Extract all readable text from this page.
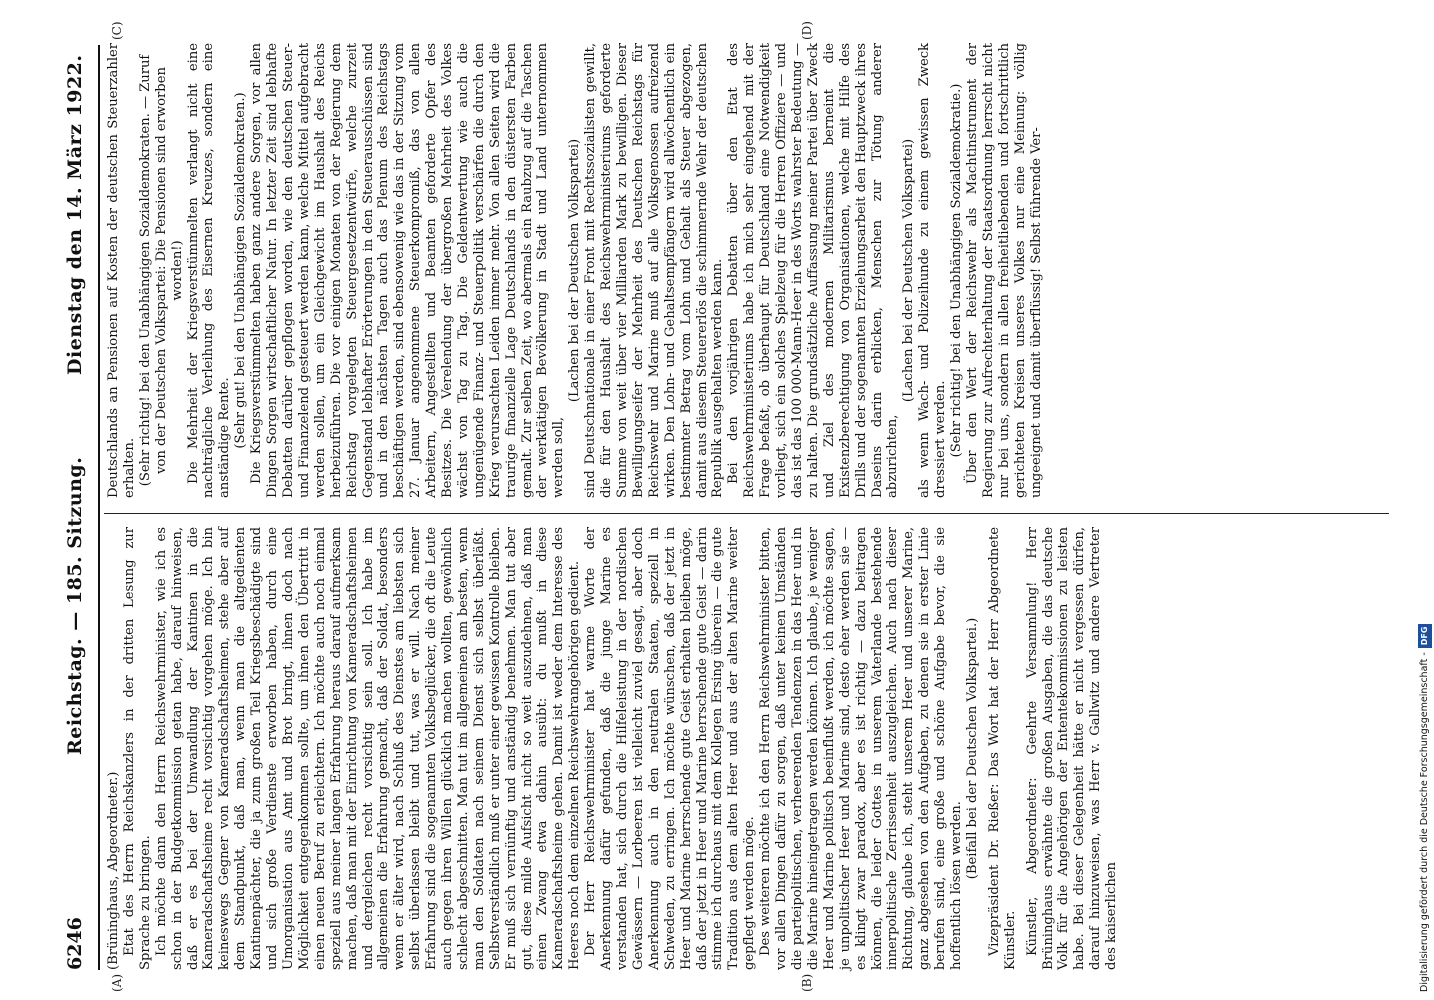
6246
Reichstag. — 185. Sitzung.
Dienstag den 14. März 1922.
(A)	(B)
(C)	(D)

(Brüninghaus, Abgeordneter.) Etat des Herrn Reichskanzlers in der dritten Lesung zur Sprache zu bringen. Ich möchte dann den Herrn Reichswehrminister, wie ich es schon in der Budgetkommission getan habe, darauf hinweisen, daß er es bei der Umwandlung der Kantinen in die Kameradschaftsheime recht vorsichtig vorgehen möge. Ich bin keineswegs Gegner von Kameradschaftsheimen, stehe aber auf dem Standpunkt, daß man, wenn man die altgedienten Kantinenpächter, die ja zum großen Teil Kriegsbeschädigte sind und sich große Verdienste erworben haben, durch eine Umorganisation aus Amt und Brot bringt, ihnen doch nach Möglichkeit entgegenkommen sollte, um ihnen den Übertritt in einen neuen Beruf zu erleichtern. Ich möchte auch noch einmal speziell aus meiner langen Erfahrung heraus darauf aufmerksam machen, daß man mit der Einrichtung von Kameradschaftsheimen und dergleichen recht vorsichtig sein soll. Ich habe im allgemeinen die Erfahrung gemacht, daß der Soldat, besonders wenn er älter wird, nach Schluß des Dienstes am liebsten sich selbst überlassen bleibt und tut, was er will. Nach meiner Erfahrung sind die sogenannten Volksbeglücker, die oft die Leute auch gegen ihren Willen glücklich machen wollten, gewöhnlich schlecht abgeschnitten. Man tut im allgemeinen am besten, wenn man den Soldaten nach seinem Dienst sich selbst überläßt. Selbstverständlich muß er unter einer gewissen Kontrolle bleiben. Er muß sich vernünftig und anständig benehmen. Man tut aber gut, diese milde Aufsicht nicht so weit auszudehnen, daß man einen Zwang etwa dahin ausübt: du mußt in diese Kameradschaftsheime gehen. Damit ist weder dem Interesse des Heeres noch dem einzelnen Reichswehrangehörigen gedient. Der Herr Reichswehrminister hat warme Worte der Anerkennung dafür gefunden, daß die junge Marine es verstanden hat, sich durch die Hilfeleistung in der nordischen Gewässern — Lorbeeren ist vielleicht zuviel gesagt, aber doch Anerkennung auch in den neutralen Staaten, speziell in Schweden, zu erringen. Ich möchte wünschen, daß der jetzt in Heer und Marine herrschende gute Geist erhalten bleiben möge, daß der jetzt in Heer und Marine herrschende gute Geist — darin stimme ich durchaus mit dem Kollegen Ersing überein — die gute Tradition aus dem alten Heer und aus der alten Marine weiter gepflegt werden möge. Des weiteren möchte ich den Herrn Reichswehrminister bitten, vor allen Dingen dafür zu sorgen, daß unter keinen Umständen die parteipolitischen, verheerenden Tendenzen in das Heer und in die Marine hineingetragen werden können. Ich glaube, je weniger Heer und Marine politisch beeinflußt werden, ich möchte sagen, je unpolitischer Heer und Marine sind, desto eher werden sie — es klingt zwar paradox, aber es ist richtig — dazu beitragen können, die leider Gottes in unserem Vaterlande bestehende innerpolitische Zerrissenheit auszugleichen. Auch nach dieser Richtung, glaube ich, steht unserem Heer und unserer Marine, ganz abgesehen von den Aufgaben, zu denen sie in erster Linie berufen sind, eine große und schöne Aufgabe bevor, die sie hoffentlich lösen werden.

(Beifall bei der Deutschen Volkspartei.) Vizepräsident Dr. Rießer: Das Wort hat der Herr Abgeordnete Künstler. Künstler, Abgeordneter: Geehrte Versammlung! Herr Brüninghaus erwähnte die großen Ausgaben, die das deutsche Volk für die Angehörigen der Ententekommissionen zu leisten habe. Bei dieser Gelegenheit hätte er nicht vergessen dürfen, darauf hinzuweisen, was Herr v. Gallwitz und andere Vertreter des kaiserlichen

Deutschlands an Pensionen auf Kosten der deutschen Steuerzahler erhalten. (Sehr richtig! bei den Unabhängigen Sozialdemokraten. — Zuruf von der Deutschen Volkspartei: Die Pensionen sind erworben worden!) Die Mehrheit der Kriegsverstümmelten verlangt nicht eine nachträgliche Verleihung des Eisernen Kreuzes, sondern eine anständige Rente. (Sehr gut! bei den Unabhängigen Sozialdemokraten.) Die Kriegsverstümmelten haben ganz andere Sorgen, vor allen Dingen Sorgen wirtschaftlicher Natur. In letzter Zeit sind lebhafte Debatten darüber gepflogen worden, wie den deutschen Steuer- und Finanzelend gesteuert werden kann, welche Mittel aufgebracht werden sollen, um ein Gleichgewicht im Haushalt des Reichs herbeizuführen. Die vor einigen Monaten von der Regierung dem Reichstag vorgelegten Steuergesetzentwürfe, welche zurzeit Gegenstand lebhafter Erörterungen in den Steuerausschüssen sind und in den nächsten Tagen auch das Plenum des Reichstags beschäftigen werden, sind ebensowenig wie das in der Sitzung vom 27. Januar angenommene Steuerkompromiß, das von allen Arbeitern, Angestellten und Beamten geforderte Opfer des Besitzes. Die Verelendung der übergroßen Mehrheit des Volkes wächst von Tag zu Tag. Die Geldentwertung wie auch die ungenügende Finanz- und Steuerpolitik verschärfen die durch den Krieg verursachten Leiden immer mehr. Von allen Seiten wird die traurige finanzielle Lage Deutschlands in den düstersten Farben gemalt. Zur selben Zeit, wo abermals ein Raubzug auf die Taschen der werktätigen Bevölkerung in Stadt und Land unternommen werden soll,

(Lachen bei der Deutschen Volkspartei) sind Deutschnationale in einer Front mit Rechtssozialisten gewillt, die für den Haushalt des Reichswehrministeriums geforderte Summe von weit über vier Milliarden Mark zu bewilligen. Dieser Bewilligungseifer der Mehrheit des Deutschen Reichstags für Reichswehr und Marine muß auf alle Volksgenossen aufreizend wirken. Den Lohn- und Gehaltsempfängern wird allwöchentlich ein bestimmter Betrag vom Lohn und Gehalt als Steuer abgezogen, damit aus diesem Steuererlös die schimmernde Wehr der deutschen Republik ausgehalten werden kann. Bei den vorjährigen Debatten über den Etat des Reichswehrministeriums habe ich mich sehr eingehend mit der Frage befaßt, ob überhaupt für Deutschland eine Notwendigkeit vorliegt, sich ein solches Spielzeug für die Herren Offiziere — und das ist das 100 000-Mann-Heer in des Worts wahrster Bedeutung — zu halten. Die grundsätzliche Auffassung meiner Partei über Zweck und Ziel des modernen Militarismus berneint die Existenzberechtigung von Organisationen, welche mit Hilfe des Drills und der sogenannten Erziehungsarbeit den Hauptzweck ihres Daseins darin erblicken, Menschen zur Tötung anderer abzurichten,

(Lachen bei der Deutschen Volkspartei) als wenn Wach- und Polizeihunde zu einem gewissen Zweck dressiert werden. (Sehr richtig! bei den Unabhängigen Sozialdemokratie.) Über den Wert der Reichswehr als Machtinstrument der Regierung zur Aufrechterhaltung der Staatsordnung herrscht nicht nur bei uns, sondern in allen freiheitliebenden und fortschrittlich gerichteten Kreisen unseres Volkes nur eine Meinung: völlig ungeeignet und damit überflüssig! Selbst führende Ver-

Digitalisierung gefördert durch die Deutsche Forschungsgemeinschaft -DFG
